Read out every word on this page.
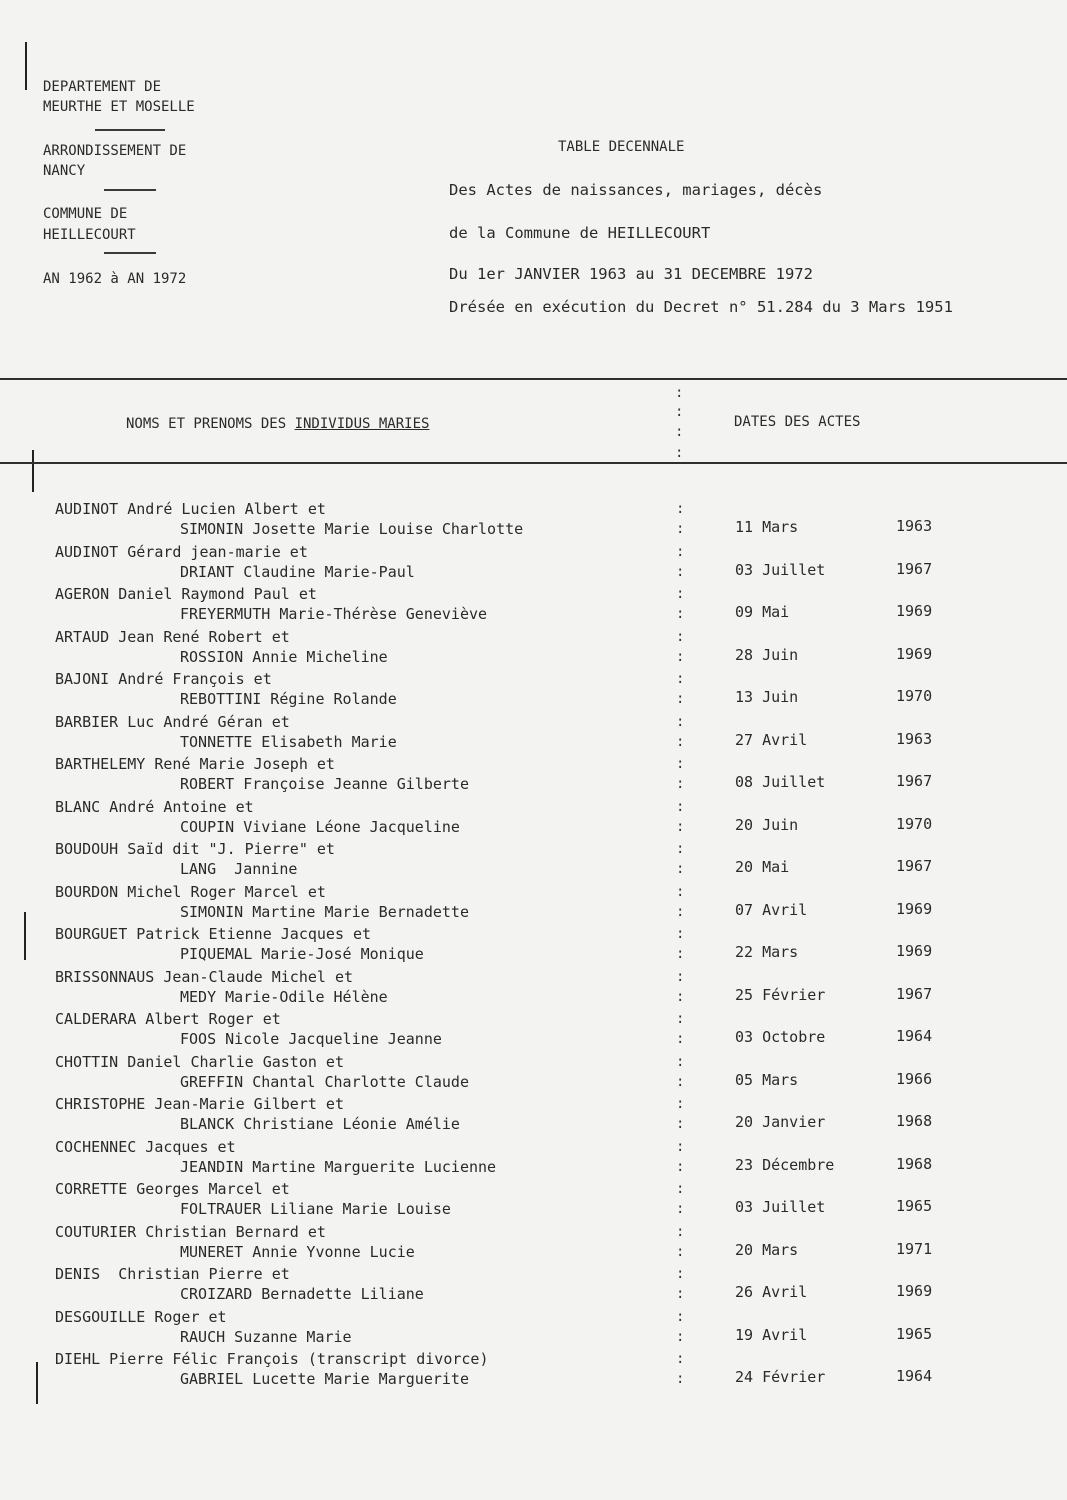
DEPARTEMENT DE
MEURTHE ET MOSELLE
ARRONDISSEMENT DE
NANCY
COMMUNE DE
HEILLECOURT
AN 1962 à AN 1972
TABLE DECENNALE
Des Actes de naissances, mariages, décès
de la Commune de HEILLECOURT
Du 1er JANVIER 1963 au 31 DECEMBRE 1972
Drésée en exécution du Decret n° 51.284 du 3 Mars 1951
NOMS ET PRENOMS DES INDIVIDUS MARIES	DATES DES ACTES
:
:
AUDINOT André Lucien Albert et
SIMONIN Josette Marie Louise Charlotte	11 Mars	1963
:
:
AUDINOT Gérard jean-marie et
DRIANT Claudine Marie-Paul	03 Juillet	1967
:
:
AGERON Daniel Raymond Paul et
FREYERMUTH Marie-Thérèse Geneviève	09 Mai	1969
:
:
ARTAUD Jean René Robert et
ROSSION Annie Micheline	28 Juin	1969
:
:
BAJONI André François et
REBOTTINI Régine Rolande	13 Juin	1970
:
:
BARBIER Luc André Géran et
TONNETTE Elisabeth Marie	27 Avril	1963
:
:
BARTHELEMY René Marie Joseph et
ROBERT Françoise Jeanne Gilberte	08 Juillet	1967
:
:
BLANC André Antoine et
COUPIN Viviane Léone Jacqueline	20 Juin	1970
:
:
BOUDOUH Saïd dit "J. Pierre" et
LANG  Jannine	20 Mai	1967
:
:
BOURDON Michel Roger Marcel et
SIMONIN Martine Marie Bernadette	07 Avril	1969
:
:
BOURGUET Patrick Etienne Jacques et
PIQUEMAL Marie-José Monique	22 Mars	1969
:
:
BRISSONNAUS Jean-Claude Michel et
MEDY Marie-Odile Hélène	25 Février	1967
:
:
CALDERARA Albert Roger et
FOOS Nicole Jacqueline Jeanne	03 Octobre	1964
:
:
CHOTTIN Daniel Charlie Gaston et
GREFFIN Chantal Charlotte Claude	05 Mars	1966
:
:
CHRISTOPHE Jean-Marie Gilbert et
BLANCK Christiane Léonie Amélie	20 Janvier	1968
:
:
COCHENNEC Jacques et
JEANDIN Martine Marguerite Lucienne	23 Décembre	1968
:
:
CORRETTE Georges Marcel et
FOLTRAUER Liliane Marie Louise	03 Juillet	1965
:
:
COUTURIER Christian Bernard et
MUNERET Annie Yvonne Lucie	20 Mars	1971
:
:
DENIS  Christian Pierre et
CROIZARD Bernadette Liliane	26 Avril	1969
:
:
DESGOUILLE Roger et
RAUCH Suzanne Marie	19 Avril	1965
:
:
DIEHL Pierre Félic François (transcript divorce)
GABRIEL Lucette Marie Marguerite	24 Février	1964
:
:
:
:
